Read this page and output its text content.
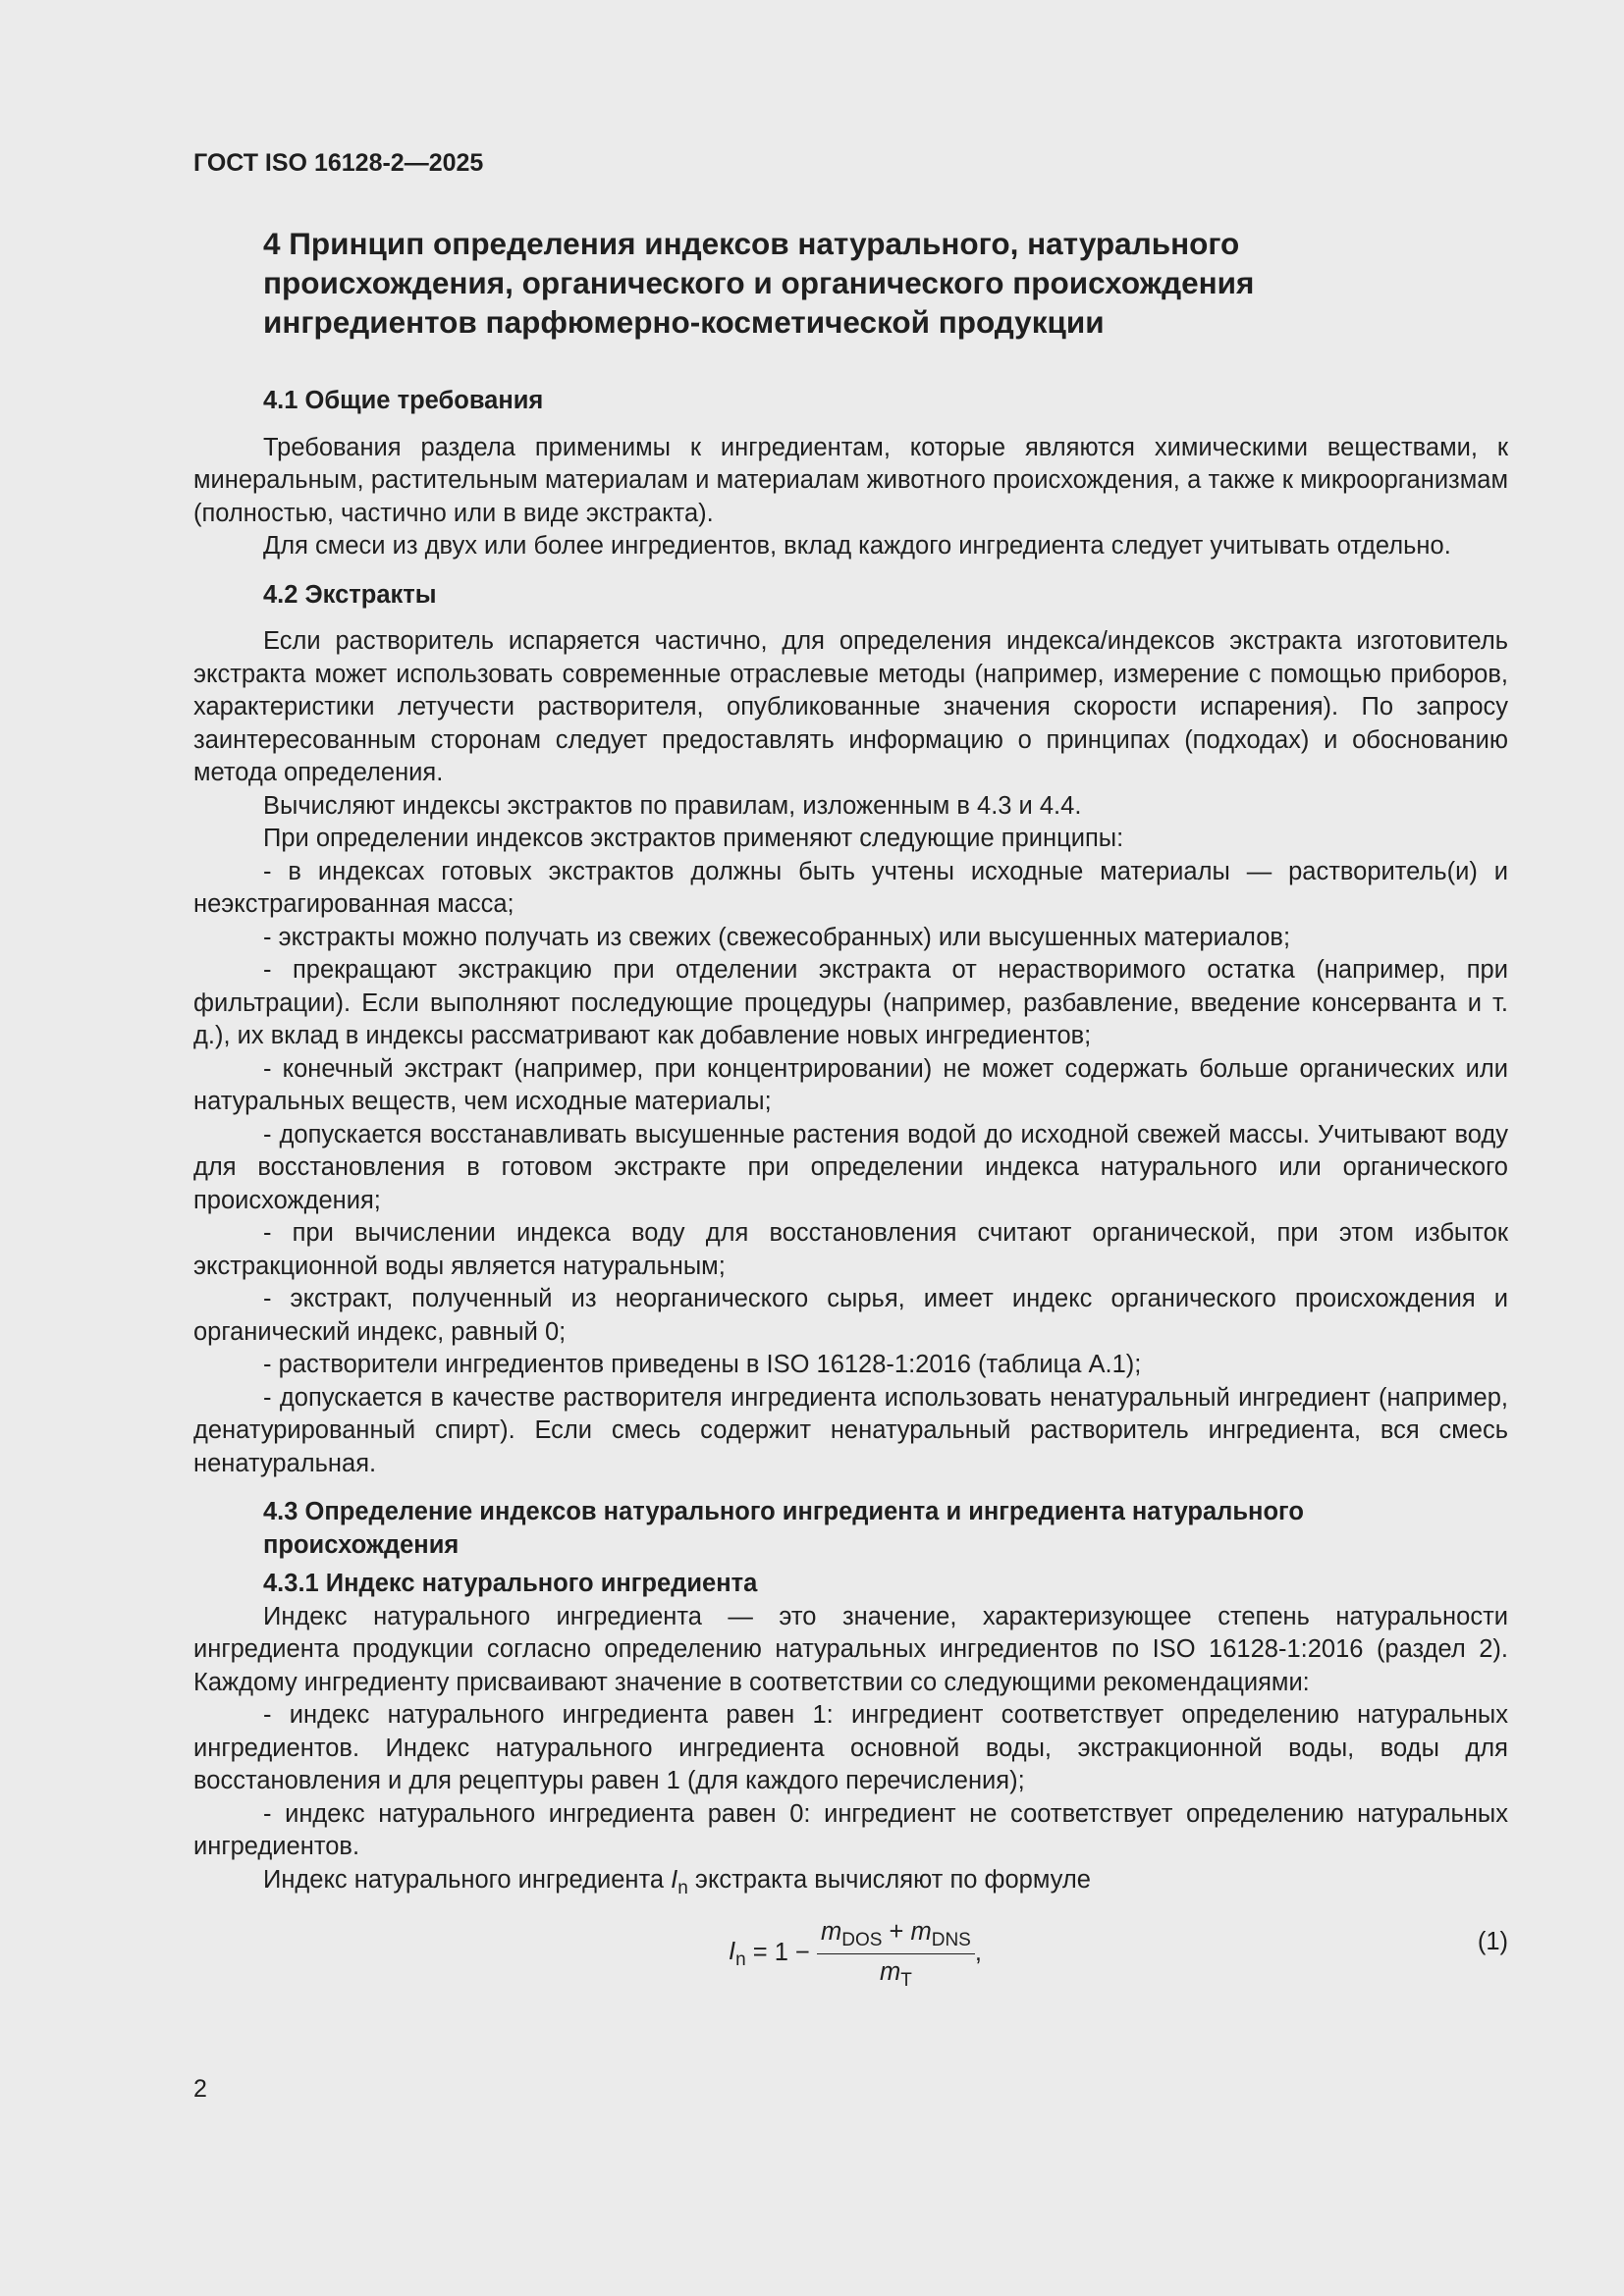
ГОСТ ISO 16128-2—2025
4 Принцип определения индексов натурального, натурального происхождения, органического и органического происхождения ингредиентов парфюмерно-косметической продукции
4.1 Общие требования

Требования раздела применимы к ингредиентам, которые являются химическими веществами, к минеральным, растительным материалам и материалам животного происхождения, а также к микроорганизмам (полностью, частично или в виде экстракта).

Для смеси из двух или более ингредиентов, вклад каждого ингредиента следует учитывать отдельно.

4.2 Экстракты

Если растворитель испаряется частично, для определения индекса/индексов экстракта изготовитель экстракта может использовать современные отраслевые методы (например, измерение с помощью приборов, характеристики летучести растворителя, опубликованные значения скорости испарения). По запросу заинтересованным сторонам следует предоставлять информацию о принципах (подходах) и обоснованию метода определения.

Вычисляют индексы экстрактов по правилам, изложенным в 4.3 и 4.4.

При определении индексов экстрактов применяют следующие принципы:

- в индексах готовых экстрактов должны быть учтены исходные материалы — растворитель(и) и неэкстрагированная масса;

- экстракты можно получать из свежих (свежесобранных) или высушенных материалов;

- прекращают экстракцию при отделении экстракта от нерастворимого остатка (например, при фильтрации). Если выполняют последующие процедуры (например, разбавление, введение консерванта и т. д.), их вклад в индексы рассматривают как добавление новых ингредиентов;

- конечный экстракт (например, при концентрировании) не может содержать больше органических или натуральных веществ, чем исходные материалы;

- допускается восстанавливать высушенные растения водой до исходной свежей массы. Учитывают воду для восстановления в готовом экстракте при определении индекса натурального или органического происхождения;

- при вычислении индекса воду для восстановления считают органической, при этом избыток экстракционной воды является натуральным;

- экстракт, полученный из неорганического сырья, имеет индекс органического происхождения и органический индекс, равный 0;

- растворители ингредиентов приведены в ISO 16128-1:2016 (таблица А.1);

- допускается в качестве растворителя ингредиента использовать ненатуральный ингредиент (например, денатурированный спирт). Если смесь содержит ненатуральный растворитель ингредиента, вся смесь ненатуральная.

4.3 Определение индексов натурального ингредиента и ингредиента натурального
происхождения
4.3.1 Индекс натурального ингредиента

Индекс натурального ингредиента — это значение, характеризующее степень натуральности ингредиента продукции согласно определению натуральных ингредиентов по ISO 16128-1:2016 (раздел 2). Каждому ингредиенту присваивают значение в соответствии со следующими рекомендациями:

- индекс натурального ингредиента равен 1: ингредиент соответствует определению натуральных ингредиентов. Индекс натурального ингредиента основной воды, экстракционной воды, воды для восстановления и для рецептуры равен 1 (для каждого перечисления);

- индекс натурального ингредиента равен 0: ингредиент не соответствует определению натуральных ингредиентов.

Индекс натурального ингредиента $I_n$ экстракта вычисляют по формуле

$I_n = 1 - \frac{m_{DOS} + m_{DNS}}{m_T}$ ,	(1)
2
